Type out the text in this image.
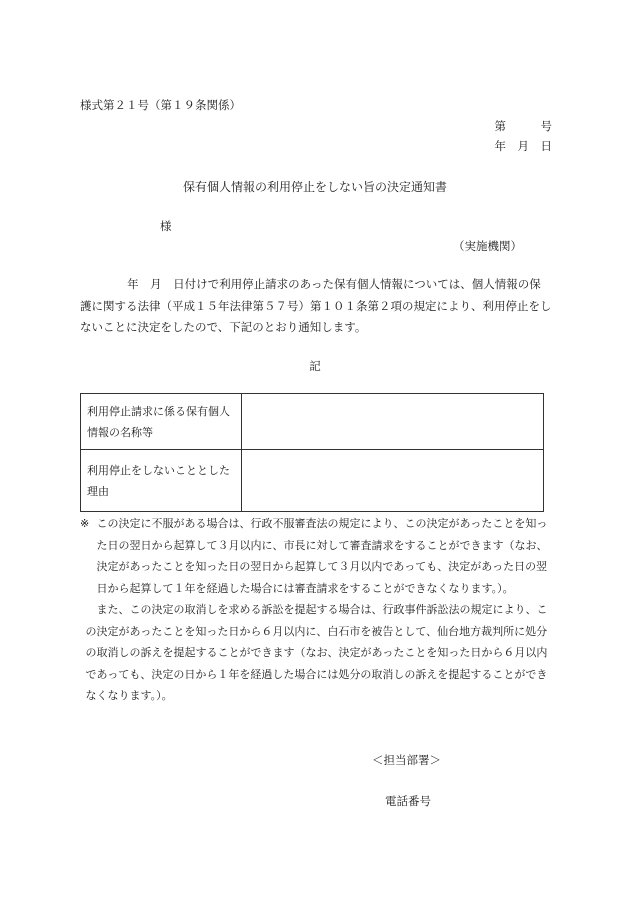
様式第２１号（第１９条関係）
第　　　号
年　月　日
保有個人情報の利用停止をしない旨の決定通知書
様
（実施機関）
年　月　日付けで利用停止請求のあった保有個人情報については、個人情報の保護に関する法律（平成１５年法律第５７号）第１０１条第２項の規定により、利用停止をしないことに決定をしたので、下記のとおり通知します。
記
利用停止請求に係る保有個人情報の名称等	
利用停止をしないこととした理由	
※ この決定に不服がある場合は、行政不服審査法の規定により、この決定があったことを知った日の翌日から起算して３月以内に、市長に対して審査請求をすることができます（なお、決定があったことを知った日の翌日から起算して３月以内であっても、決定があった日の翌日から起算して１年を経過した場合には審査請求をすることができなくなります。）。
また、この決定の取消しを求める訴訟を提起する場合は、行政事件訴訟法の規定により、この決定があったことを知った日から６月以内に、白石市を被告として、仙台地方裁判所に処分の取消しの訴えを提起することができます（なお、決定があったことを知った日から６月以内であっても、決定の日から１年を経過した場合には処分の取消しの訴えを提起することができなくなります。）。
＜担当部署＞
電話番号
